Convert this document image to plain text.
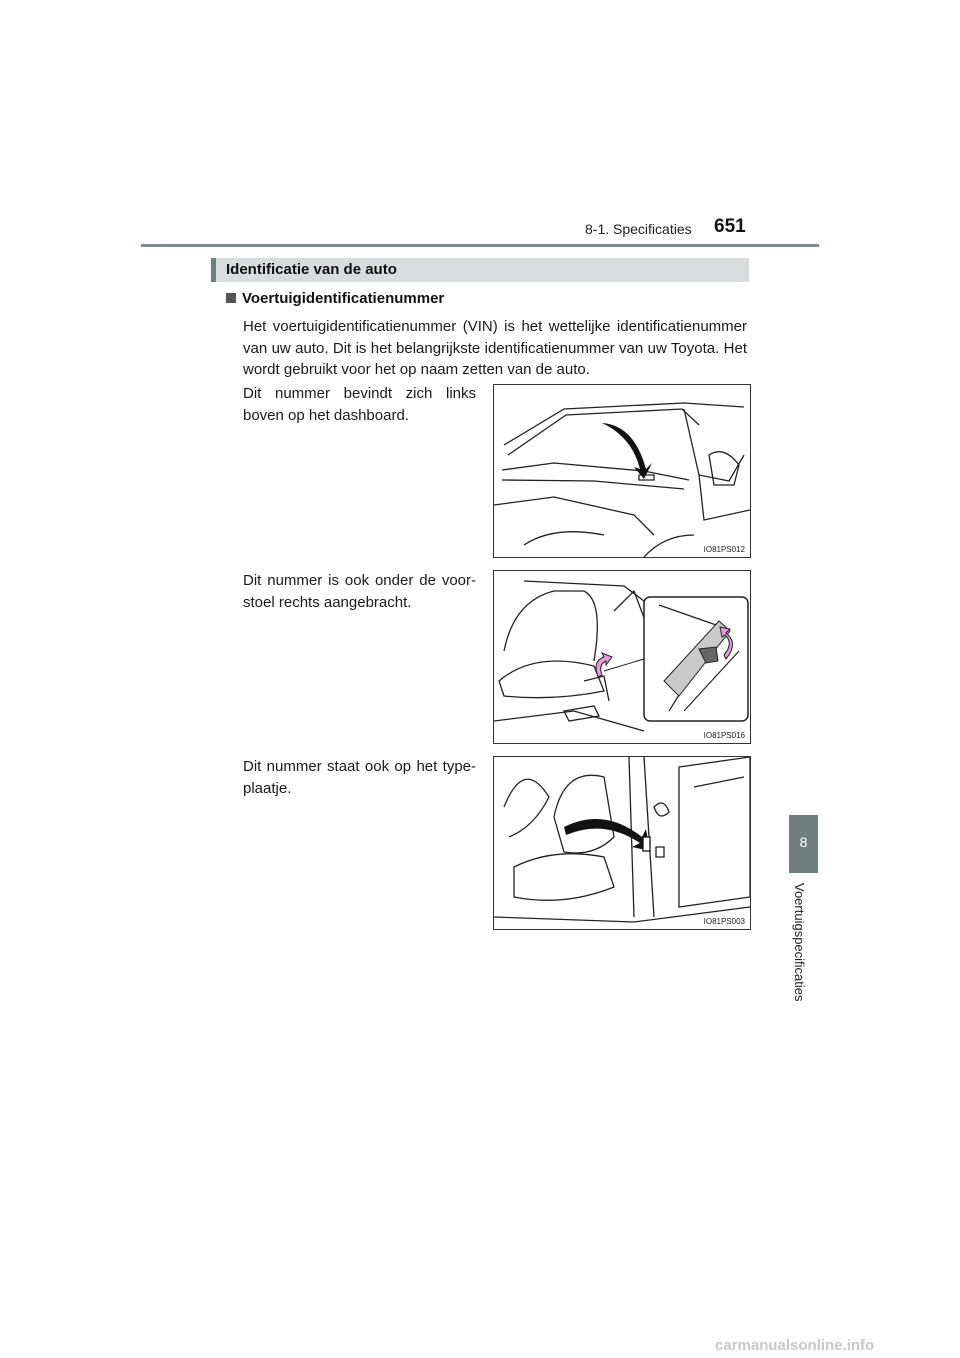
8-1. Specificaties 651
Identificatie van de auto
Voertuigidentificatienummer
Het voertuigidentificatienummer (VIN) is het wettelijke identificatienummer van uw auto. Dit is het belangrijkste identificatienummer van uw Toyota. Het wordt gebruikt voor het op naam zetten van de auto.
Dit nummer bevindt zich links boven op het dashboard.
IO81PS012
Dit nummer is ook onder de voor-stoel rechts aangebracht.
IO81PS016
Dit nummer staat ook op het type-plaatje.
IO81PS003
8
Voertuigspecificaties
carmanualsonline.info
